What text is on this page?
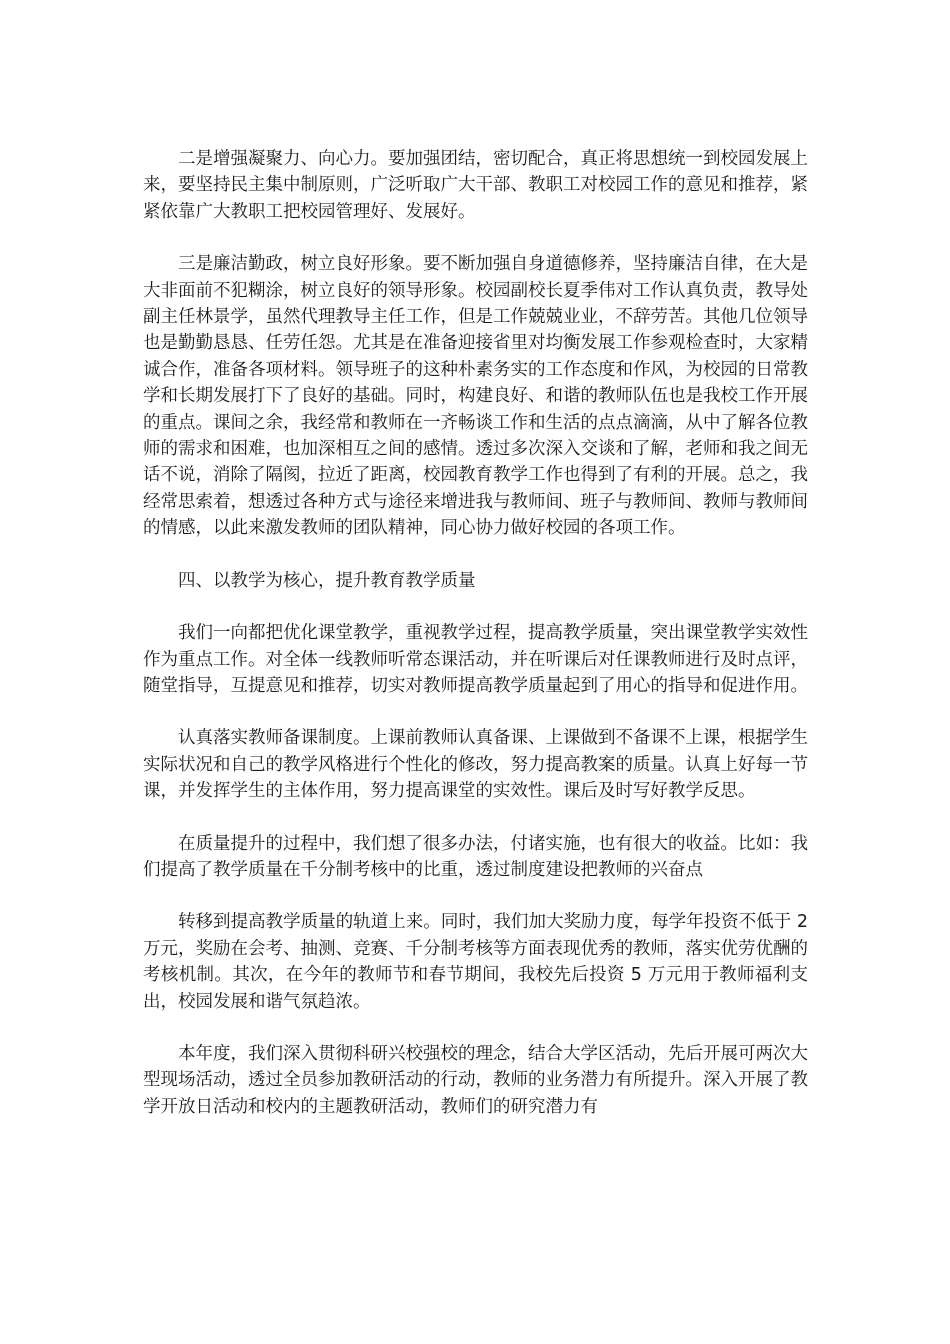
二是增强凝聚力、向心力。要加强团结，密切配合，真正将思想统一到校园发展上来，要坚持民主集中制原则，广泛听取广大干部、教职工对校园工作的意见和推荐，紧紧依靠广大教职工把校园管理好、发展好。

三是廉洁勤政，树立良好形象。要不断加强自身道德修养，坚持廉洁自律，在大是大非面前不犯糊涂，树立良好的领导形象。校园副校长夏季伟对工作认真负责，教导处副主任林景学，虽然代理教导主任工作，但是工作兢兢业业，不辞劳苦。其他几位领导也是勤勤恳恳、任劳任怨。尤其是在准备迎接省里对均衡发展工作参观检查时，大家精诚合作，准备各项材料。领导班子的这种朴素务实的工作态度和作风，为校园的日常教学和长期发展打下了良好的基础。同时，构建良好、和谐的教师队伍也是我校工作开展的重点。课间之余，我经常和教师在一齐畅谈工作和生活的点点滴滴，从中了解各位教师的需求和困难，也加深相互之间的感情。透过多次深入交谈和了解，老师和我之间无话不说，消除了隔阂，拉近了距离，校园教育教学工作也得到了有利的开展。总之，我经常思索着，想透过各种方式与途径来增进我与教师间、班子与教师间、教师与教师间的情感，以此来激发教师的团队精神，同心协力做好校园的各项工作。

四、以教学为核心，提升教育教学质量

我们一向都把优化课堂教学，重视教学过程，提高教学质量，突出课堂教学实效性作为重点工作。对全体一线教师听常态课活动，并在听课后对任课教师进行及时点评，随堂指导，互提意见和推荐，切实对教师提高教学质量起到了用心的指导和促进作用。

认真落实教师备课制度。上课前教师认真备课、上课做到不备课不上课，根据学生实际状况和自己的教学风格进行个性化的修改，努力提高教案的质量。认真上好每一节课，并发挥学生的主体作用，努力提高课堂的实效性。课后及时写好教学反思。

在质量提升的过程中，我们想了很多办法，付诸实施，也有很大的收益。比如：我们提高了教学质量在千分制考核中的比重，透过制度建设把教师的兴奋点

转移到提高教学质量的轨道上来。同时，我们加大奖励力度，每学年投资不低于 2 万元，奖励在会考、抽测、竞赛、千分制考核等方面表现优秀的教师，落实优劳优酬的考核机制。其次，在今年的教师节和春节期间，我校先后投资 5 万元用于教师福利支出，校园发展和谐气氛趋浓。

本年度，我们深入贯彻科研兴校强校的理念，结合大学区活动，先后开展可两次大型现场活动，透过全员参加教研活动的行动，教师的业务潜力有所提升。深入开展了教学开放日活动和校内的主题教研活动，教师们的研究潜力有
